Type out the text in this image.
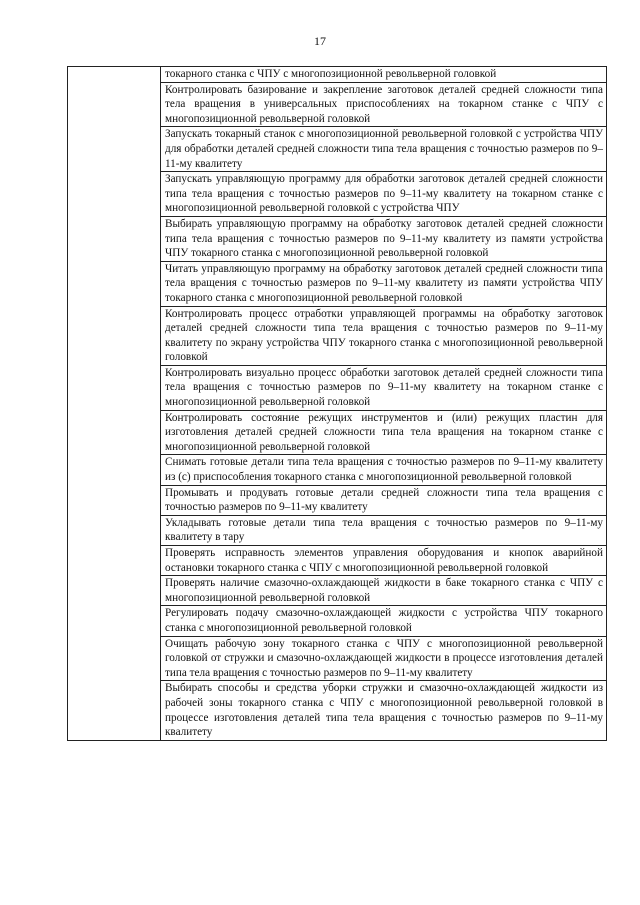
17

токарного станка с ЧПУ с многопозиционной револьверной головкой

Контролировать базирование и закрепление заготовок деталей средней сложности типа тела вращения в универсальных приспособлениях на токарном станке с ЧПУ с многопозиционной револьверной головкой

Запускать токарный станок с многопозиционной револьверной головкой с устройства ЧПУ для обработки деталей средней сложности типа тела вращения с точностью размеров по 9–11-му квалитету

Запускать управляющую программу для обработки заготовок деталей средней сложности типа тела вращения с точностью размеров по 9–11-му квалитету на токарном станке с многопозиционной револьверной головкой с устройства ЧПУ

Выбирать управляющую программу на обработку заготовок деталей средней сложности типа тела вращения с точностью размеров по 9–11-му квалитету из памяти устройства ЧПУ токарного станка с многопозиционной револьверной головкой

Читать управляющую программу на обработку заготовок деталей средней сложности типа тела вращения с точностью размеров по 9–11-му квалитету из памяти устройства ЧПУ токарного станка с многопозиционной револьверной головкой

Контролировать процесс отработки управляющей программы на обработку заготовок деталей средней сложности типа тела вращения с точностью размеров по 9–11-му квалитету по экрану устройства ЧПУ токарного станка с многопозиционной револьверной головкой

Контролировать визуально процесс обработки заготовок деталей средней сложности типа тела вращения с точностью размеров по 9–11-му квалитету на токарном станке с многопозиционной револьверной головкой

Контролировать состояние режущих инструментов и (или) режущих пластин для изготовления деталей средней сложности типа тела вращения на токарном станке с многопозиционной револьверной головкой

Снимать готовые детали типа тела вращения с точностью размеров по 9–11-му квалитету из (с) приспособления токарного станка с многопозиционной револьверной головкой

Промывать и продувать готовые детали средней сложности типа тела вращения с точностью размеров по 9–11-му квалитету

Укладывать готовые детали типа тела вращения с точностью размеров по 9–11-му квалитету в тару

Проверять исправность элементов управления оборудования и кнопок аварийной остановки токарного станка с ЧПУ с многопозиционной револьверной головкой

Проверять наличие смазочно-охлаждающей жидкости в баке токарного станка с ЧПУ с многопозиционной револьверной головкой

Регулировать подачу смазочно-охлаждающей жидкости с устройства ЧПУ токарного станка с многопозиционной револьверной головкой

Очищать рабочую зону токарного станка с ЧПУ с многопозиционной револьверной головкой от стружки и смазочно-охлаждающей жидкости в процессе изготовления деталей типа тела вращения с точностью размеров по 9–11-му квалитету

Выбирать способы и средства уборки стружки и смазочно-охлаждающей жидкости из рабочей зоны токарного станка с ЧПУ с многопозиционной револьверной головкой в процессе изготовления деталей типа тела вращения с точностью размеров по 9–11-му квалитету
